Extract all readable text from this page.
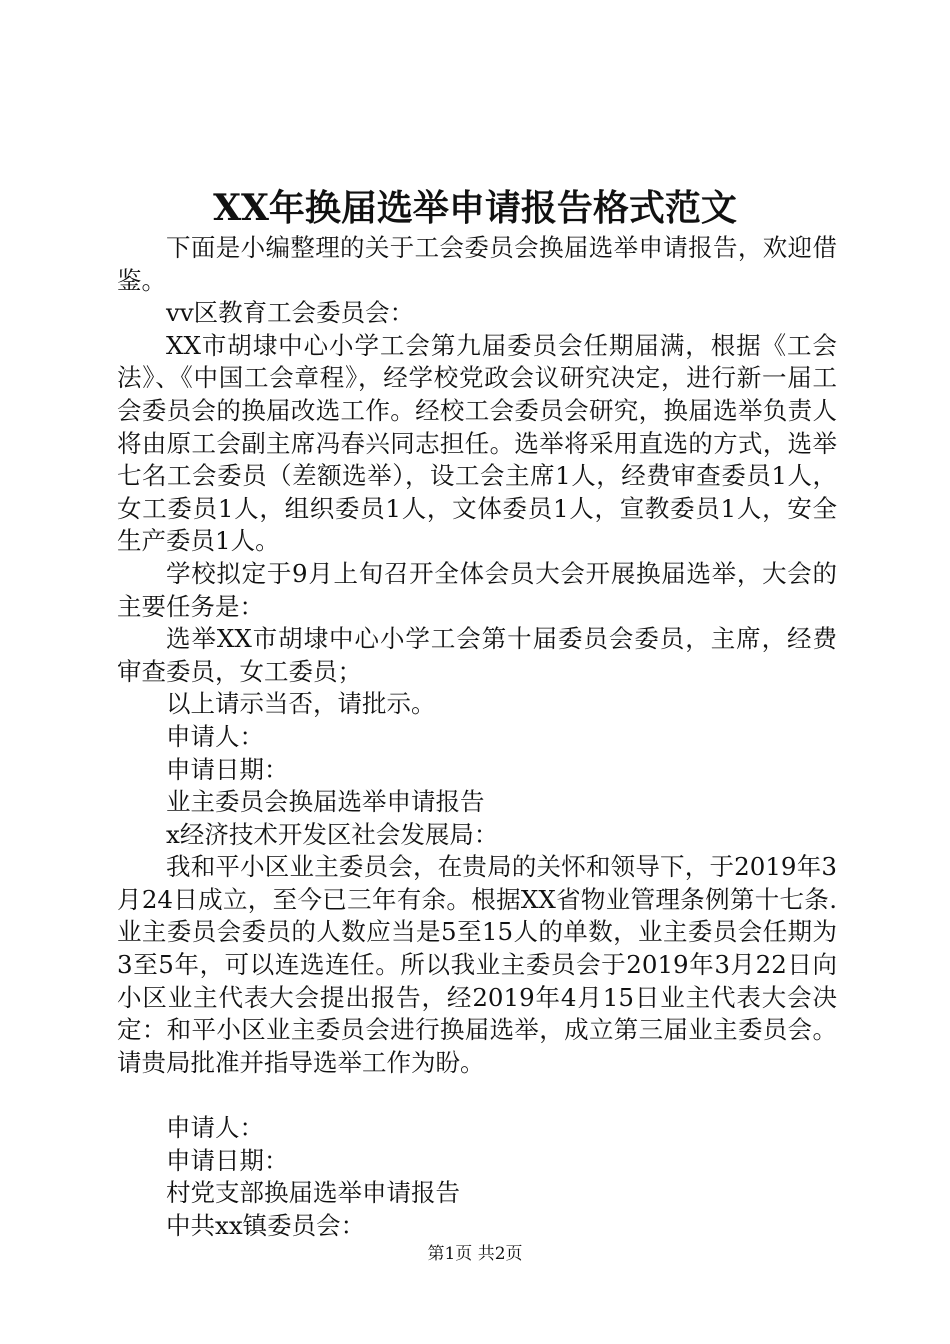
XX年换届选举申请报告格式范文

下面是小编整理的关于工会委员会换届选举申请报告，欢迎借鉴。

vv区教育工会委员会：

XX市胡埭中心小学工会第九届委员会任期届满，根据《工会法》、《中国工会章程》，经学校党政会议研究决定，进行新一届工会委员会的换届改选工作。经校工会委员会研究，换届选举负责人将由原工会副主席冯春兴同志担任。选举将采用直选的方式，选举七名工会委员（差额选举），设工会主席1人，经费审查委员1人，女工委员1人，组织委员1人，文体委员1人，宣教委员1人，安全生产委员1人。

学校拟定于9月上旬召开全体会员大会开展换届选举，大会的主要任务是：

选举XX市胡埭中心小学工会第十届委员会委员，主席，经费审查委员，女工委员；

以上请示当否，请批示。

申请人：

申请日期：

业主委员会换届选举申请报告

x经济技术开发区社会发展局：

我和平小区业主委员会，在贵局的关怀和领导下，于2019年3月24日成立，至今已三年有余。根据XX省物业管理条例第十七条.业主委员会委员的人数应当是5至15人的单数，业主委员会任期为3至5年，可以连选连任。所以我业主委员会于2019年3月22日向小区业主代表大会提出报告，经2019年4月15日业主代表大会决定：和平小区业主委员会进行换届选举，成立第三届业主委员会。请贵局批准并指导选举工作为盼。

申请人：

申请日期：

村党支部换届选举申请报告

中共xx镇委员会：

第1页 共2页
